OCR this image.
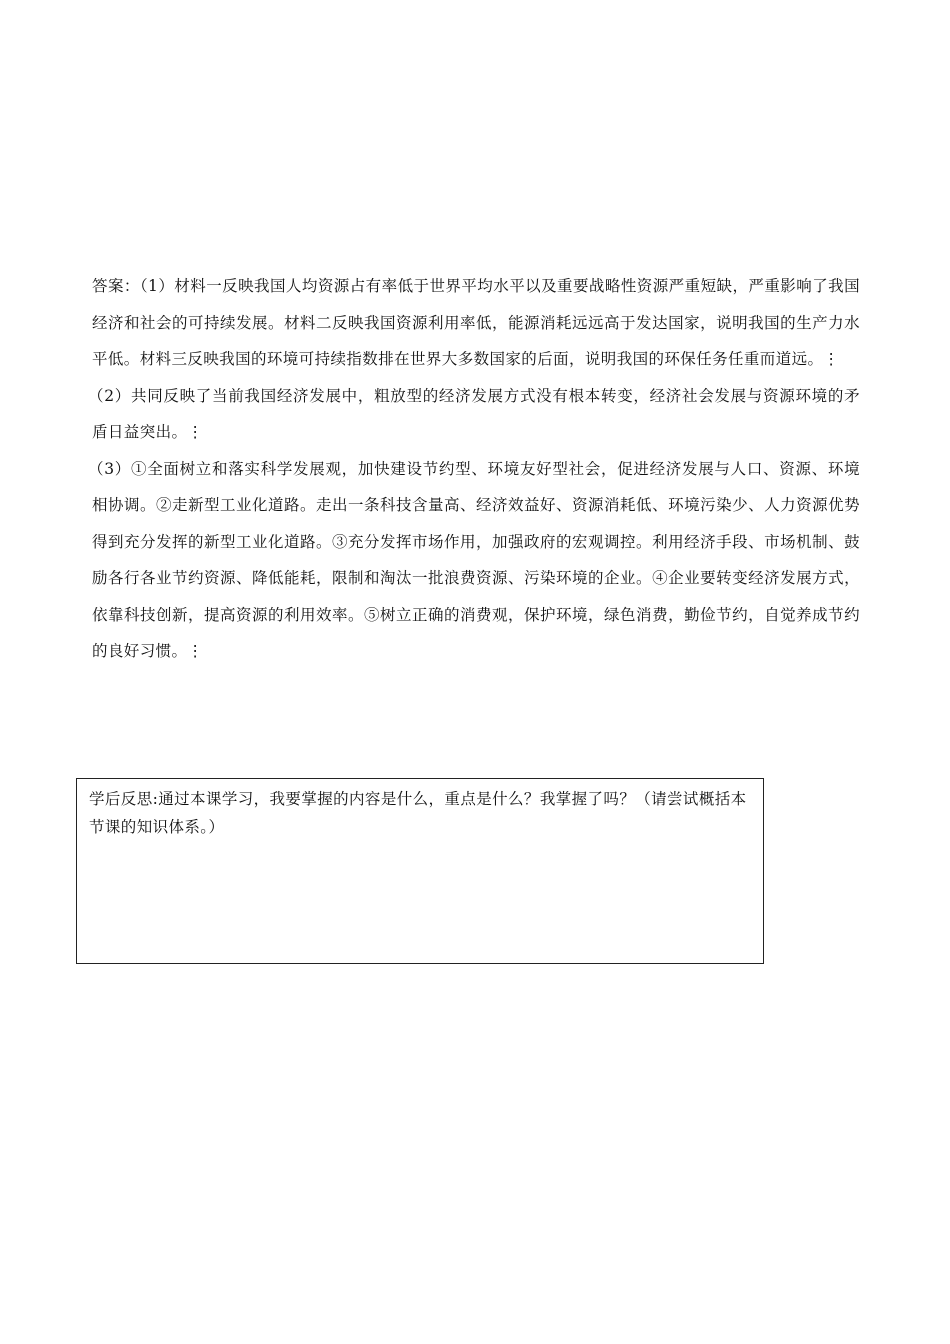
答案：（1）材料一反映我国人均资源占有率低于世界平均水平以及重要战略性资源严重短缺，严重影响了我国经济和社会的可持续发展。材料二反映我国资源利用率低，能源消耗远远高于发达国家，说明我国的生产力水平低。材料三反映我国的环境可持续指数排在世界大多数国家的后面，说明我国的环保任务任重而道远。⋮

（2）共同反映了当前我国经济发展中，粗放型的经济发展方式没有根本转变，经济社会发展与资源环境的矛盾日益突出。⋮

（3）①全面树立和落实科学发展观，加快建设节约型、环境友好型社会，促进经济发展与人口、资源、环境相协调。②走新型工业化道路。走出一条科技含量高、经济效益好、资源消耗低、环境污染少、人力资源优势得到充分发挥的新型工业化道路。③充分发挥市场作用，加强政府的宏观调控。利用经济手段、市场机制、鼓励各行各业节约资源、降低能耗，限制和淘汰一批浪费资源、污染环境的企业。④企业要转变经济发展方式，依靠科技创新，提高资源的利用效率。⑤树立正确的消费观，保护环境，绿色消费，勤俭节约，自觉养成节约的良好习惯。⋮

学后反思:通过本课学习，我要掌握的内容是什么，重点是什么？我掌握了吗？（请尝试概括本节课的知识体系。）
